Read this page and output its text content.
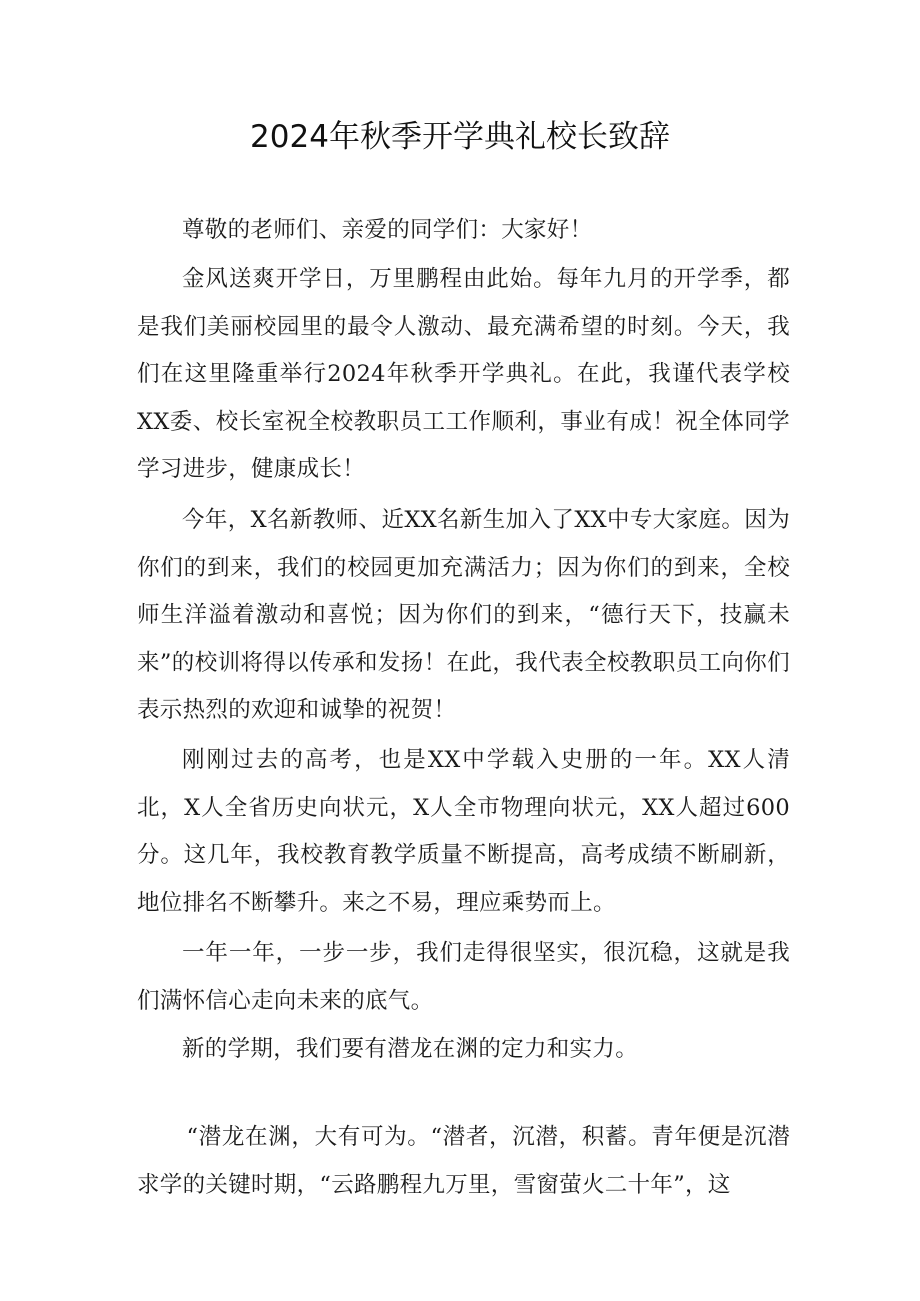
2024年秋季开学典礼校长致辞

尊敬的老师们、亲爱的同学们：大家好！

金风送爽开学日，万里鹏程由此始。每年九月的开学季，都是我们美丽校园里的最令人激动、最充满希望的时刻。今天，我们在这里隆重举行2024年秋季开学典礼。在此，我谨代表学校XX委、校长室祝全校教职员工工作顺利，事业有成！祝全体同学学习进步，健康成长！

今年，X名新教师、近XX名新生加入了XX中专大家庭。因为你们的到来，我们的校园更加充满活力；因为你们的到来，全校师生洋溢着激动和喜悦；因为你们的到来，“德行天下，技赢未来”的校训将得以传承和发扬！在此，我代表全校教职员工向你们表示热烈的欢迎和诚挚的祝贺！

刚刚过去的高考，也是XX中学载入史册的一年。XX人清北，X人全省历史向状元，X人全市物理向状元，XX人超过600分。这几年，我校教育教学质量不断提高，高考成绩不断刷新，地位排名不断攀升。来之不易，理应乘势而上。

一年一年，一步一步，我们走得很坚实，很沉稳，这就是我们满怀信心走向未来的底气。

新的学期，我们要有潜龙在渊的定力和实力。

“潜龙在渊，大有可为。“潜者，沉潜，积蓄。青年便是沉潜求学的关键时期，“云路鹏程九万里，雪窗萤火二十年”，这
